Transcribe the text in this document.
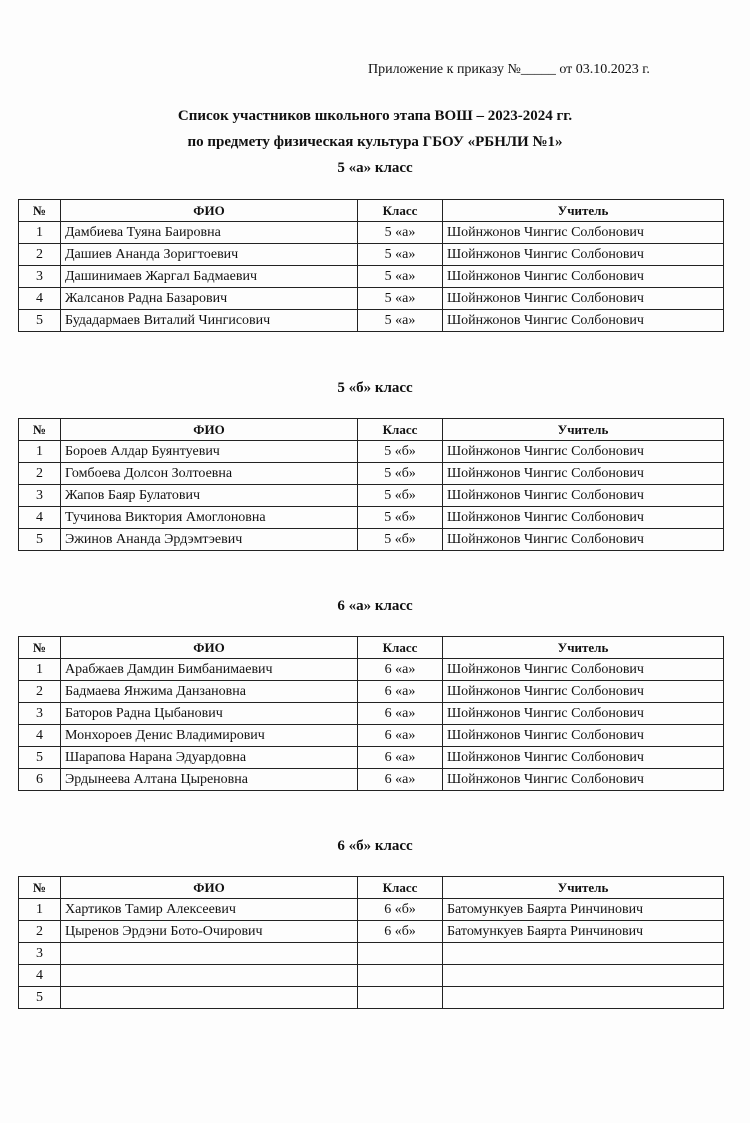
Приложение к приказу №_____ от 03.10.2023 г.
Список участников школьного этапа ВОШ – 2023-2024 гг.
по предмету физическая культура ГБОУ «РБНЛИ №1»
5 «а» класс
№	ФИО	Класс	Учитель
1	Дамбиева Туяна Баировна	5 «а»	Шойнжонов Чингис Солбонович
2	Дашиев Ананда Зоригтоевич	5 «а»	Шойнжонов Чингис Солбонович
3	Дашинимаев Жаргал Бадмаевич	5 «а»	Шойнжонов Чингис Солбонович
4	Жалсанов Радна Базарович	5 «а»	Шойнжонов Чингис Солбонович
5	Будадармаев Виталий Чингисович	5 «а»	Шойнжонов Чингис Солбонович
5 «б» класс
№	ФИО	Класс	Учитель
1	Бороев Алдар Буянтуевич	5 «б»	Шойнжонов Чингис Солбонович
2	Гомбоева Долсон Золтоевна	5 «б»	Шойнжонов Чингис Солбонович
3	Жапов Баяр Булатович	5 «б»	Шойнжонов Чингис Солбонович
4	Тучинова Виктория Амоглоновна	5 «б»	Шойнжонов Чингис Солбонович
5	Эжинов Ананда Эрдэмтэевич	5 «б»	Шойнжонов Чингис Солбонович
6 «а» класс
№	ФИО	Класс	Учитель
1	Арабжаев Дамдин Бимбанимаевич	6 «а»	Шойнжонов Чингис Солбонович
2	Бадмаева Янжима Данзановна	6 «а»	Шойнжонов Чингис Солбонович
3	Баторов Радна Цыбанович	6 «а»	Шойнжонов Чингис Солбонович
4	Монхороев Денис Владимирович	6 «а»	Шойнжонов Чингис Солбонович
5	Шарапова Нарана Эдуардовна	6 «а»	Шойнжонов Чингис Солбонович
6	Эрдынеева Алтана Цыреновна	6 «а»	Шойнжонов Чингис Солбонович
6 «б» класс
№	ФИО	Класс	Учитель
1	Хартиков Тамир Алексеевич	6 «б»	Батомункуев Баярта Ринчинович
2	Цыренов Эрдэни Бото-Очирович	6 «б»	Батомункуев Баярта Ринчинович
3			
4			
5			
